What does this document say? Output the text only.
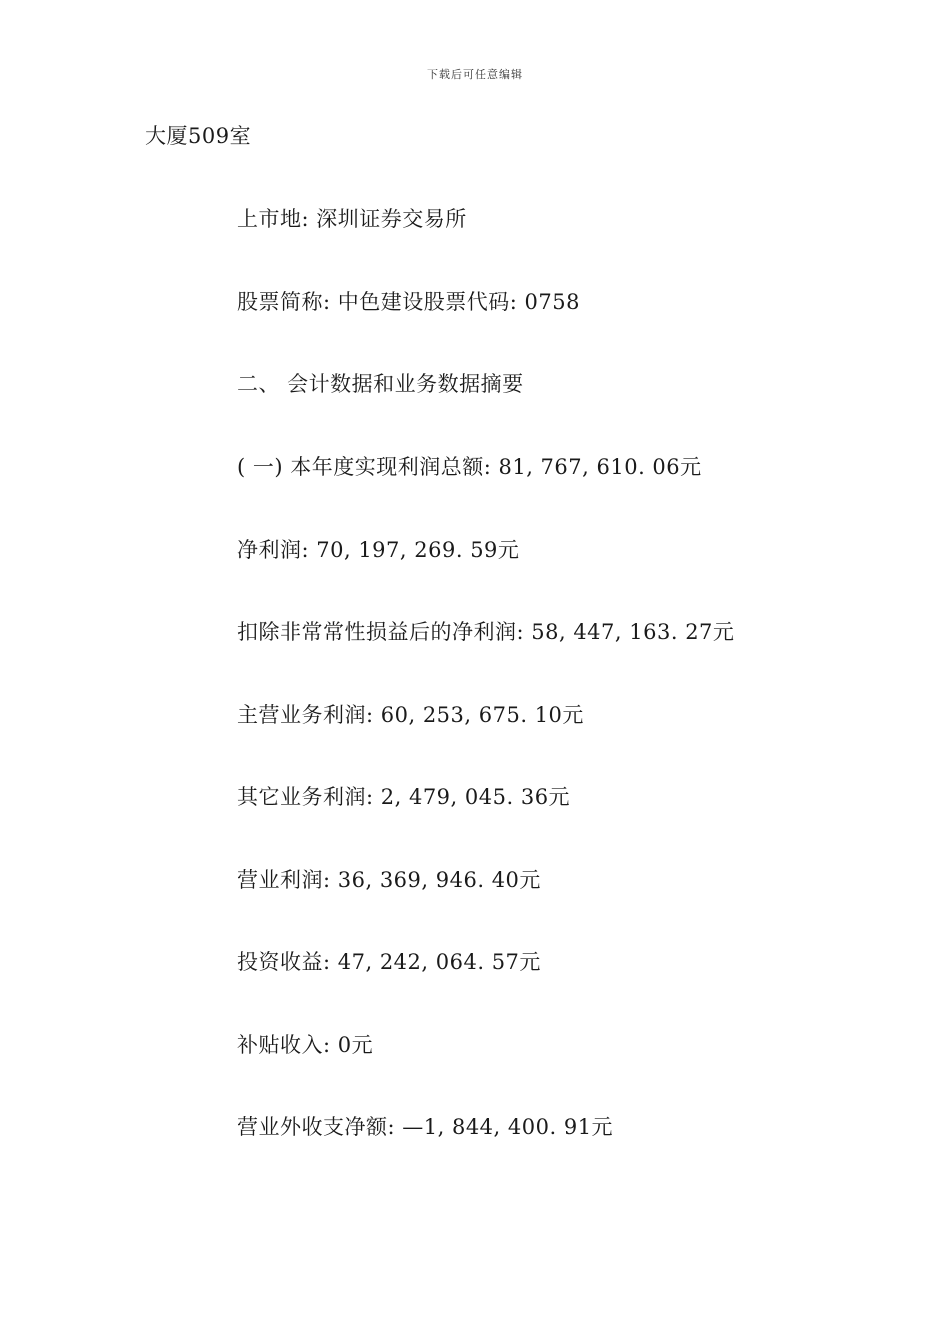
下载后可任意编辑
大厦509室
上市地: 深圳证券交易所
股票简称: 中色建设股票代码: 0758
二、 会计数据和业务数据摘要
( 一) 本年度实现利润总额: 81, 767, 610. 06元
净利润: 70, 197, 269. 59元
扣除非常常性损益后的净利润: 58, 447, 163. 27元
主营业务利润: 60, 253, 675. 10元
其它业务利润: 2, 479, 045. 36元
营业利润: 36, 369, 946. 40元
投资收益: 47, 242, 064. 57元
补贴收入: 0元
营业外收支净额: —1, 844, 400. 91元
